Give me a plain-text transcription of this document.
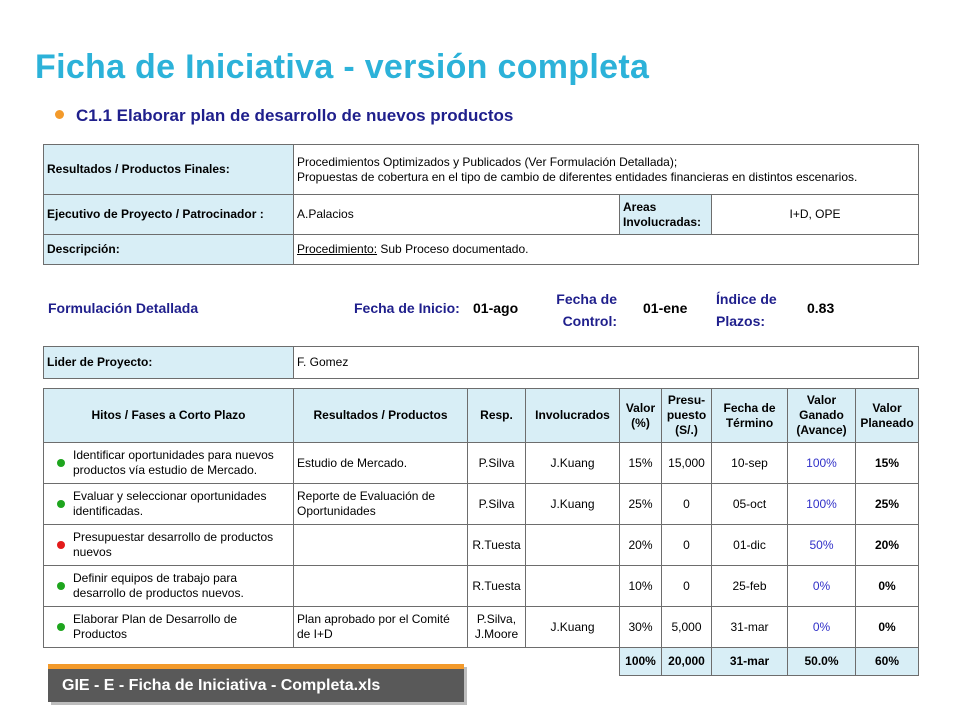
Ficha de Iniciativa - versión completa
C1.1 Elaborar plan de desarrollo de nuevos productos
Resultados / Productos Finales:	Procedimientos Optimizados y Publicados (Ver Formulación Detallada);
Propuestas de cobertura en el tipo de cambio de diferentes entidades financieras en distintos escenarios.		

Ejecutivo de Proyecto / Patrocinador :	A.Palacios	Areas Involucradas:	I+D, OPE
Descripción:	Procedimiento: Sub Proceso documentado.		
Formulación Detallada	Fecha de Inicio: 01-ago
Fecha de
Control:
01-ene
Índice de
Plazos:
0.83
Lider de Proyecto:	F. Gomez
Hitos / Fases a Corto Plazo	Resultados / Productos	Resp.	Involucrados	Valor (%)	Presu-puesto (S/.)	Fecha de Término	Valor Ganado (Avance)	Valor Planeado

Identificar oportunidades para nuevos productos vía estudio de Mercado.	Estudio de Mercado.	P.Silva	J.Kuang	15%	15,000	10-sep	100%	15%

Evaluar y seleccionar oportunidades identificadas.	Reporte de Evaluación de Oportunidades	P.Silva	J.Kuang	25%	0	05-oct	100%	25%

Presupuestar desarrollo de productos nuevos		R.Tuesta		20%	0	01-dic	50%	20%

Definir equipos de trabajo para desarrollo de productos nuevos.		R.Tuesta		10%	0	25-feb	0%	0%

Elaborar Plan de Desarrollo de Productos	Plan aprobado por el Comité de I+D	P.Silva, J.Moore	J.Kuang	30%	5,000	31-mar	0%	0%
				100%	20,000	31-mar	50.0%	60%
GIE - E - Ficha de Iniciativa - Completa.xls
